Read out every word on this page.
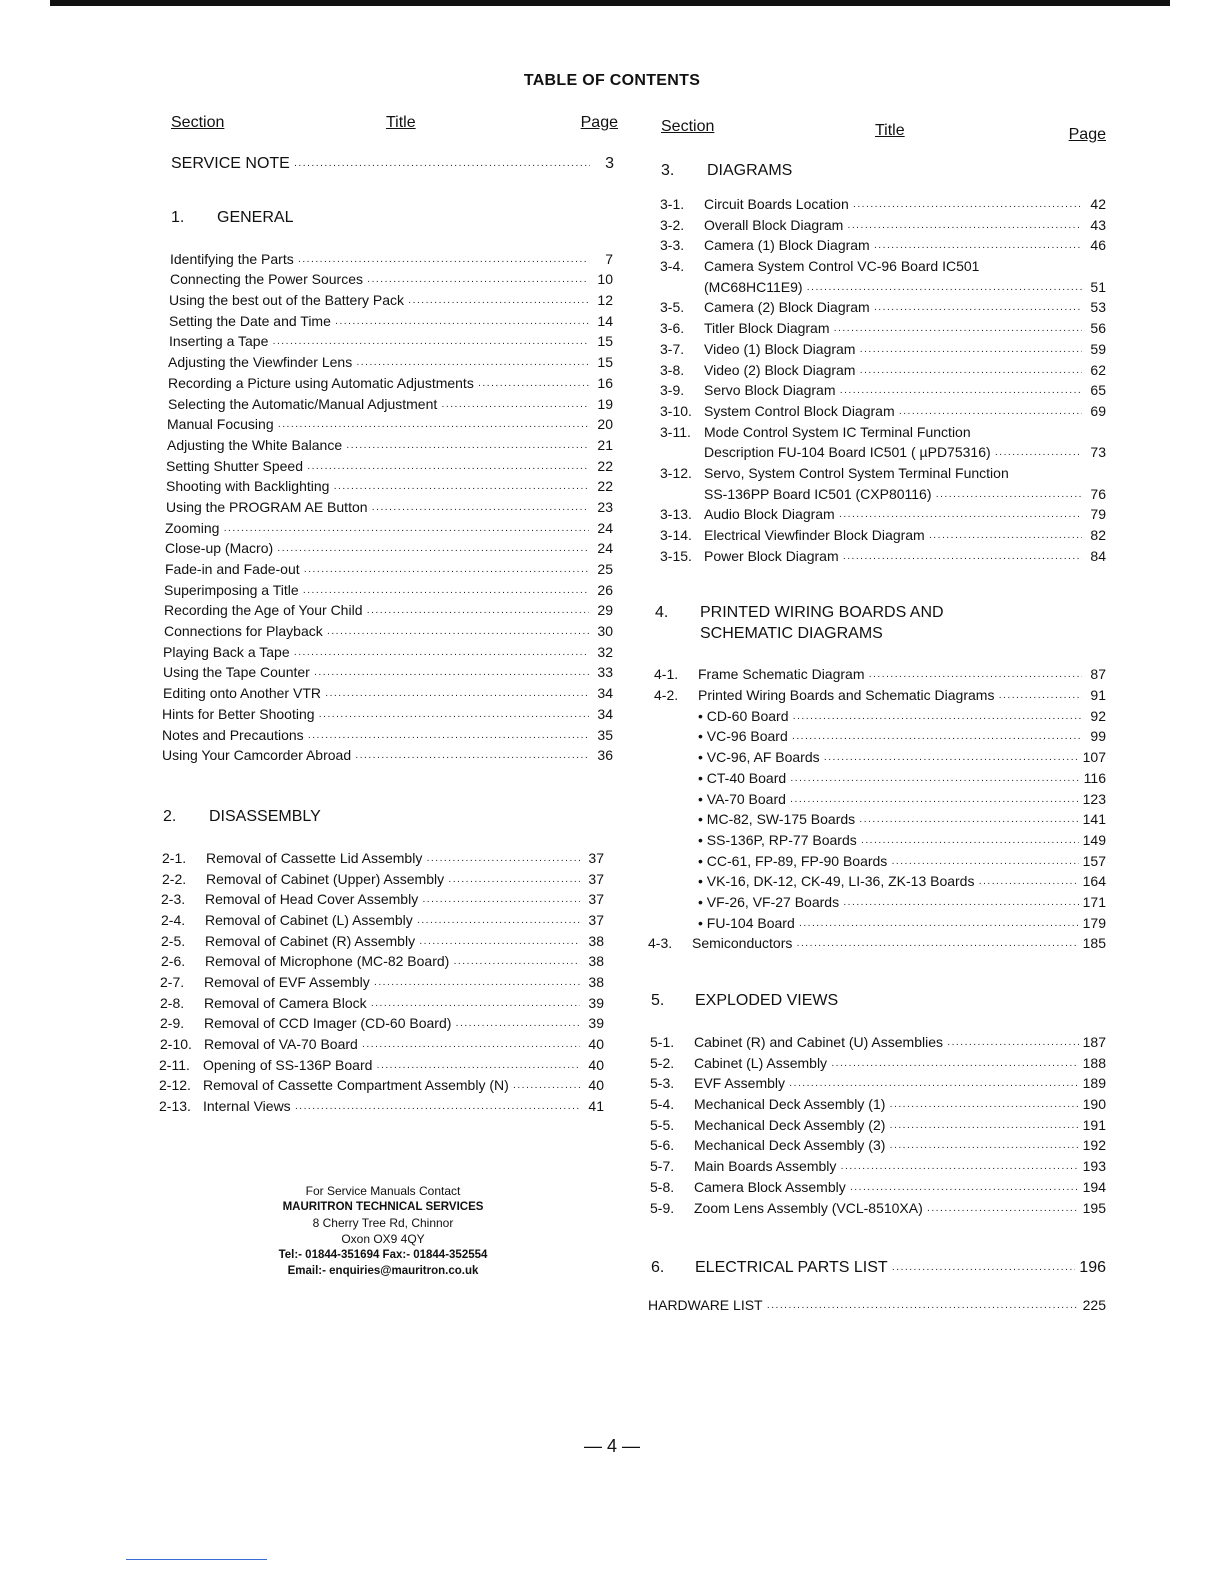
TABLE OF CONTENTS
Section	Title	Page
SERVICE NOTE ·····	3
1.	GENERAL
Identifying the Parts ·····	7
Connecting the Power Sources ·····	10
Using the best out of the Battery Pack ·····	12
Setting the Date and Time ·····	14
Inserting a Tape ·····	15
Adjusting the Viewfinder Lens ·····	15
Recording a Picture using Automatic Adjustments ·····	16
Selecting the Automatic/Manual Adjustment ·····	19
Manual Focusing ·····	20
Adjusting the White Balance ·····	21
Setting Shutter Speed ·····	22
Shooting with Backlighting ·····	22
Using the PROGRAM AE Button ·····	23
Zooming ·····	24
Close-up (Macro) ·····	24
Fade-in and Fade-out ·····	25
Superimposing a Title ·····	26
Recording the Age of Your Child ·····	29
Connections for Playback ·····	30
Playing Back a Tape ·····	32
Using the Tape Counter ·····	33
Editing onto Another VTR ·····	34
Hints for Better Shooting ·····	34
Notes and Precautions ·····	35
Using Your Camcorder Abroad ·····	36
2.	DISASSEMBLY
2-1.	Removal of Cassette Lid Assembly ·····	37
2-2.	Removal of Cabinet (Upper) Assembly ·····	37
2-3.	Removal of Head Cover Assembly ·····	37
2-4.	Removal of Cabinet (L) Assembly ·····	37
2-5.	Removal of Cabinet (R) Assembly ·····	38
2-6.	Removal of Microphone (MC-82 Board) ·····	38
2-7.	Removal of EVF Assembly ·····	38
2-8.	Removal of Camera Block ·····	39
2-9.	Removal of CCD Imager (CD-60 Board) ·····	39
2-10. Removal of VA-70 Board ·····	40
2-11. Opening of SS-136P Board ·····	40
2-12. Removal of Cassette Compartment Assembly (N) ·····	40
2-13. Internal Views ·····	41
For Service Manuals Contact
MAURITRON TECHNICAL SERVICES
8 Cherry Tree Rd, Chinnor
Oxon OX9 4QY
Tel:- 01844-351694 Fax:- 01844-352554
Email:- enquiries@mauritron.co.uk
Section	Title	Page
3.	DIAGRAMS
3-1.	Circuit Boards Location ·····	42
3-2.	Overall Block Diagram ·····	43
3-3.	Camera (1) Block Diagram ·····	46
3-4.	Camera System Control VC-96 Board IC501
(MC68HC11E9) ·····	51
3-5.	Camera (2) Block Diagram ·····	53
3-6.	Titler Block Diagram ·····	56
3-7.	Video (1) Block Diagram ·····	59
3-8.	Video (2) Block Diagram ·····	62
3-9.	Servo Block Diagram ·····	65
3-10. System Control Block Diagram ·····	69
3-11. Mode Control System IC Terminal Function
Description FU-104 Board IC501 ( µPD75316) ·····	73
3-12. Servo, System Control System Terminal Function
SS-136PP Board IC501 (CXP80116) ·····	76
3-13. Audio Block Diagram ·····	79
3-14. Electrical Viewfinder Block Diagram ·····	82
3-15. Power Block Diagram ·····	84
4.	PRINTED WIRING BOARDS AND
SCHEMATIC DIAGRAMS
4-1.	Frame Schematic Diagram ·····	87
4-2.	Printed Wiring Boards and Schematic Diagrams ·····	91
• CD-60 Board ·····	92
• VC-96 Board ·····	99
• VC-96, AF Boards ·····	107
• CT-40 Board ·····	116
• VA-70 Board ·····	123
• MC-82, SW-175 Boards ·····	141
• SS-136P, RP-77 Boards ·····	149
• CC-61, FP-89, FP-90 Boards ·····	157
• VK-16, DK-12, CK-49, LI-36, ZK-13 Boards ·····	164
• VF-26, VF-27 Boards ·····	171
• FU-104 Board ·····	179
4-3.	Semiconductors ·····	185
5.	EXPLODED VIEWS
5-1.	Cabinet (R) and Cabinet (U) Assemblies ·····	187
5-2.	Cabinet (L) Assembly ·····	188
5-3.	EVF Assembly ·····	189
5-4.	Mechanical Deck Assembly (1) ·····	190
5-5.	Mechanical Deck Assembly (2) ·····	191
5-6.	Mechanical Deck Assembly (3) ·····	192
5-7.	Main Boards Assembly ·····	193
5-8.	Camera Block Assembly ·····	194
5-9.	Zoom Lens Assembly (VCL-8510XA) ·····	195
6.	ELECTRICAL PARTS LIST ·····	196
HARDWARE LIST ·····	225
— 4 —
